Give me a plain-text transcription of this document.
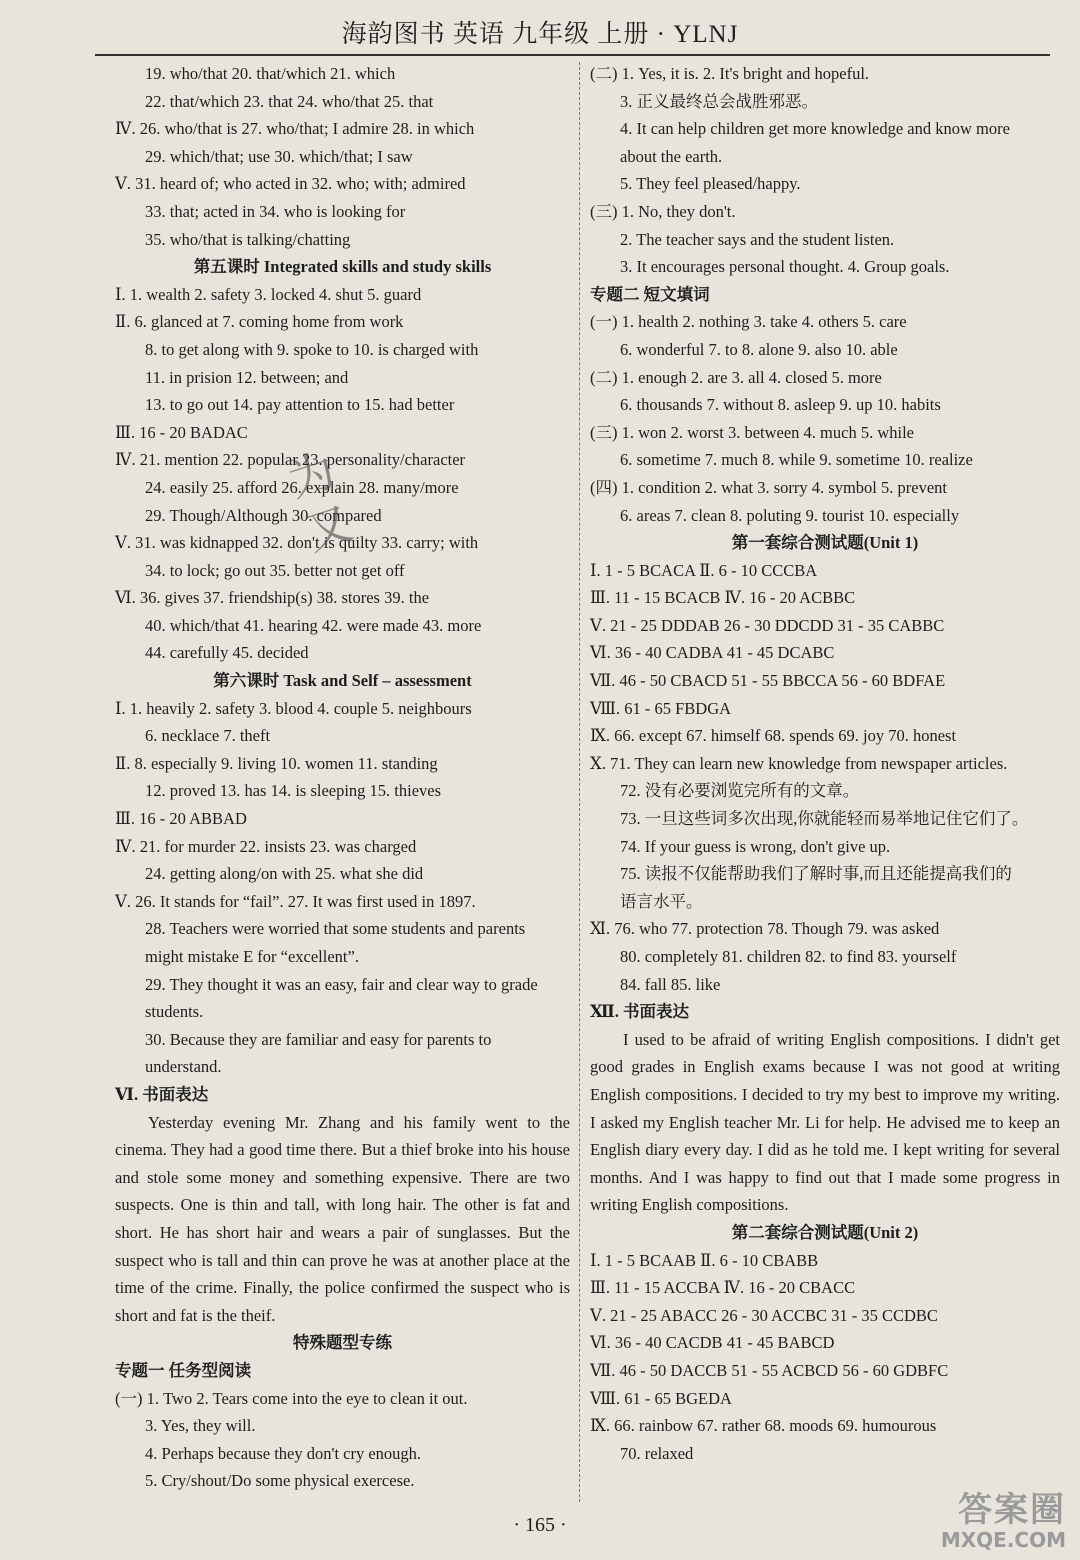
海韵图书 英语 九年级 上册 · YLNJ
19. who/that 20. that/which 21. which
22. that/which 23. that 24. who/that 25. that
Ⅳ. 26. who/that is 27. who/that; I admire 28. in which
29. which/that; use 30. which/that; I saw
Ⅴ. 31. heard of; who acted in 32. who; with; admired
33. that; acted in 34. who is looking for
35. who/that is talking/chatting
第五课时 Integrated skills and study skills
Ⅰ. 1. wealth 2. safety 3. locked 4. shut 5. guard
Ⅱ. 6. glanced at 7. coming home from work
8. to get along with 9. spoke to 10. is charged with
11. in prision 12. between; and
13. to go out 14. pay attention to 15. had better
Ⅲ. 16 - 20 BADAC
Ⅳ. 21. mention 22. popular 23. personality/character
24. easily 25. afford 26. explain 28. many/more
29. Though/Although 30. compared
Ⅴ. 31. was kidnapped 32. don't is quilty 33. carry; with
34. to lock; go out 35. better not get off
Ⅵ. 36. gives 37. friendship(s) 38. stores 39. the
40. which/that 41. hearing 42. were made 43. more
44. carefully 45. decided
第六课时 Task and Self – assessment
Ⅰ. 1. heavily 2. safety 3. blood 4. couple 5. neighbours
6. necklace 7. theft
Ⅱ. 8. especially 9. living 10. women 11. standing
12. proved 13. has 14. is sleeping 15. thieves
Ⅲ. 16 - 20 ABBAD
Ⅳ. 21. for murder 22. insists 23. was charged
24. getting along/on with 25. what she did
Ⅴ. 26. It stands for “fail”. 27. It was first used in 1897.
28. Teachers were worried that some students and parents
might mistake E for “excellent”.
29. They thought it was an easy, fair and clear way to grade
students.
30. Because they are familiar and easy for parents to
understand.
Ⅵ. 书面表达
Yesterday evening Mr. Zhang and his family went to the cinema. They had a good time there. But a thief broke into his house and stole some money and something expensive. There are two suspects. One is thin and tall, with long hair. The other is fat and short. He has short hair and wears a pair of sunglasses. But the suspect who is tall and thin can prove he was at another place at the time of the crime. Finally, the police confirmed the suspect who is short and fat is the theif.
特殊题型专练
专题一 任务型阅读
(一) 1. Two 2. Tears come into the eye to clean it out.
3. Yes, they will.
4. Perhaps because they don't cry enough.
5. Cry/shout/Do some physical exercese.
(二) 1. Yes, it is. 2. It's bright and hopeful.
3. 正义最终总会战胜邪恶。
4. It can help children get more knowledge and know more
about the earth.
5. They feel pleased/happy.
(三) 1. No, they don't.
2. The teacher says and the student listen.
3. It encourages personal thought. 4. Group goals.
专题二 短文填词
(一) 1. health 2. nothing 3. take 4. others 5. care
6. wonderful 7. to 8. alone 9. also 10. able
(二) 1. enough 2. are 3. all 4. closed 5. more
6. thousands 7. without 8. asleep 9. up 10. habits
(三) 1. won 2. worst 3. between 4. much 5. while
6. sometime 7. much 8. while 9. sometime 10. realize
(四) 1. condition 2. what 3. sorry 4. symbol 5. prevent
6. areas 7. clean 8. poluting 9. tourist 10. especially
第一套综合测试题(Unit 1)
Ⅰ. 1 - 5 BCACA Ⅱ. 6 - 10 CCCBA
Ⅲ. 11 - 15 BCACB Ⅳ. 16 - 20 ACBBC
Ⅴ. 21 - 25 DDDAB 26 - 30 DDCDD 31 - 35 CABBC
Ⅵ. 36 - 40 CADBA 41 - 45 DCABC
Ⅶ. 46 - 50 CBACD 51 - 55 BBCCA 56 - 60 BDFAE
Ⅷ. 61 - 65 FBDGA
Ⅸ. 66. except 67. himself 68. spends 69. joy 70. honest
Ⅹ. 71. They can learn new knowledge from newspaper articles.
72. 没有必要浏览完所有的文章。
73. 一旦这些词多次出现,你就能轻而易举地记住它们了。
74. If your guess is wrong, don't give up.
75. 读报不仅能帮助我们了解时事,而且还能提高我们的
语言水平。
Ⅺ. 76. who 77. protection 78. Though 79. was asked
80. completely 81. children 82. to find 83. yourself
84. fall 85. like
Ⅻ. 书面表达
I used to be afraid of writing English compositions. I didn't get good grades in English exams because I was not good at writing English compositions. I decided to try my best to improve my writing. I asked my English teacher Mr. Li for help. He advised me to keep an English diary every day. I did as he told me. I kept writing for several months. And I was happy to find out that I made some progress in writing English compositions.
第二套综合测试题(Unit 2)
Ⅰ. 1 - 5 BCAAB Ⅱ. 6 - 10 CBABB
Ⅲ. 11 - 15 ACCBA Ⅳ. 16 - 20 CBACC
Ⅴ. 21 - 25 ABACC 26 - 30 ACCBC 31 - 35 CCDBC
Ⅵ. 36 - 40 CACDB 41 - 45 BABCD
Ⅶ. 46 - 50 DACCB 51 - 55 ACBCD 56 - 60 GDBFC
Ⅷ. 61 - 65 BGEDA
Ⅸ. 66. rainbow 67. rather 68. moods 69. humourous
70. relaxed
为又
· 165 ·	答案圈
MXQE.COM
